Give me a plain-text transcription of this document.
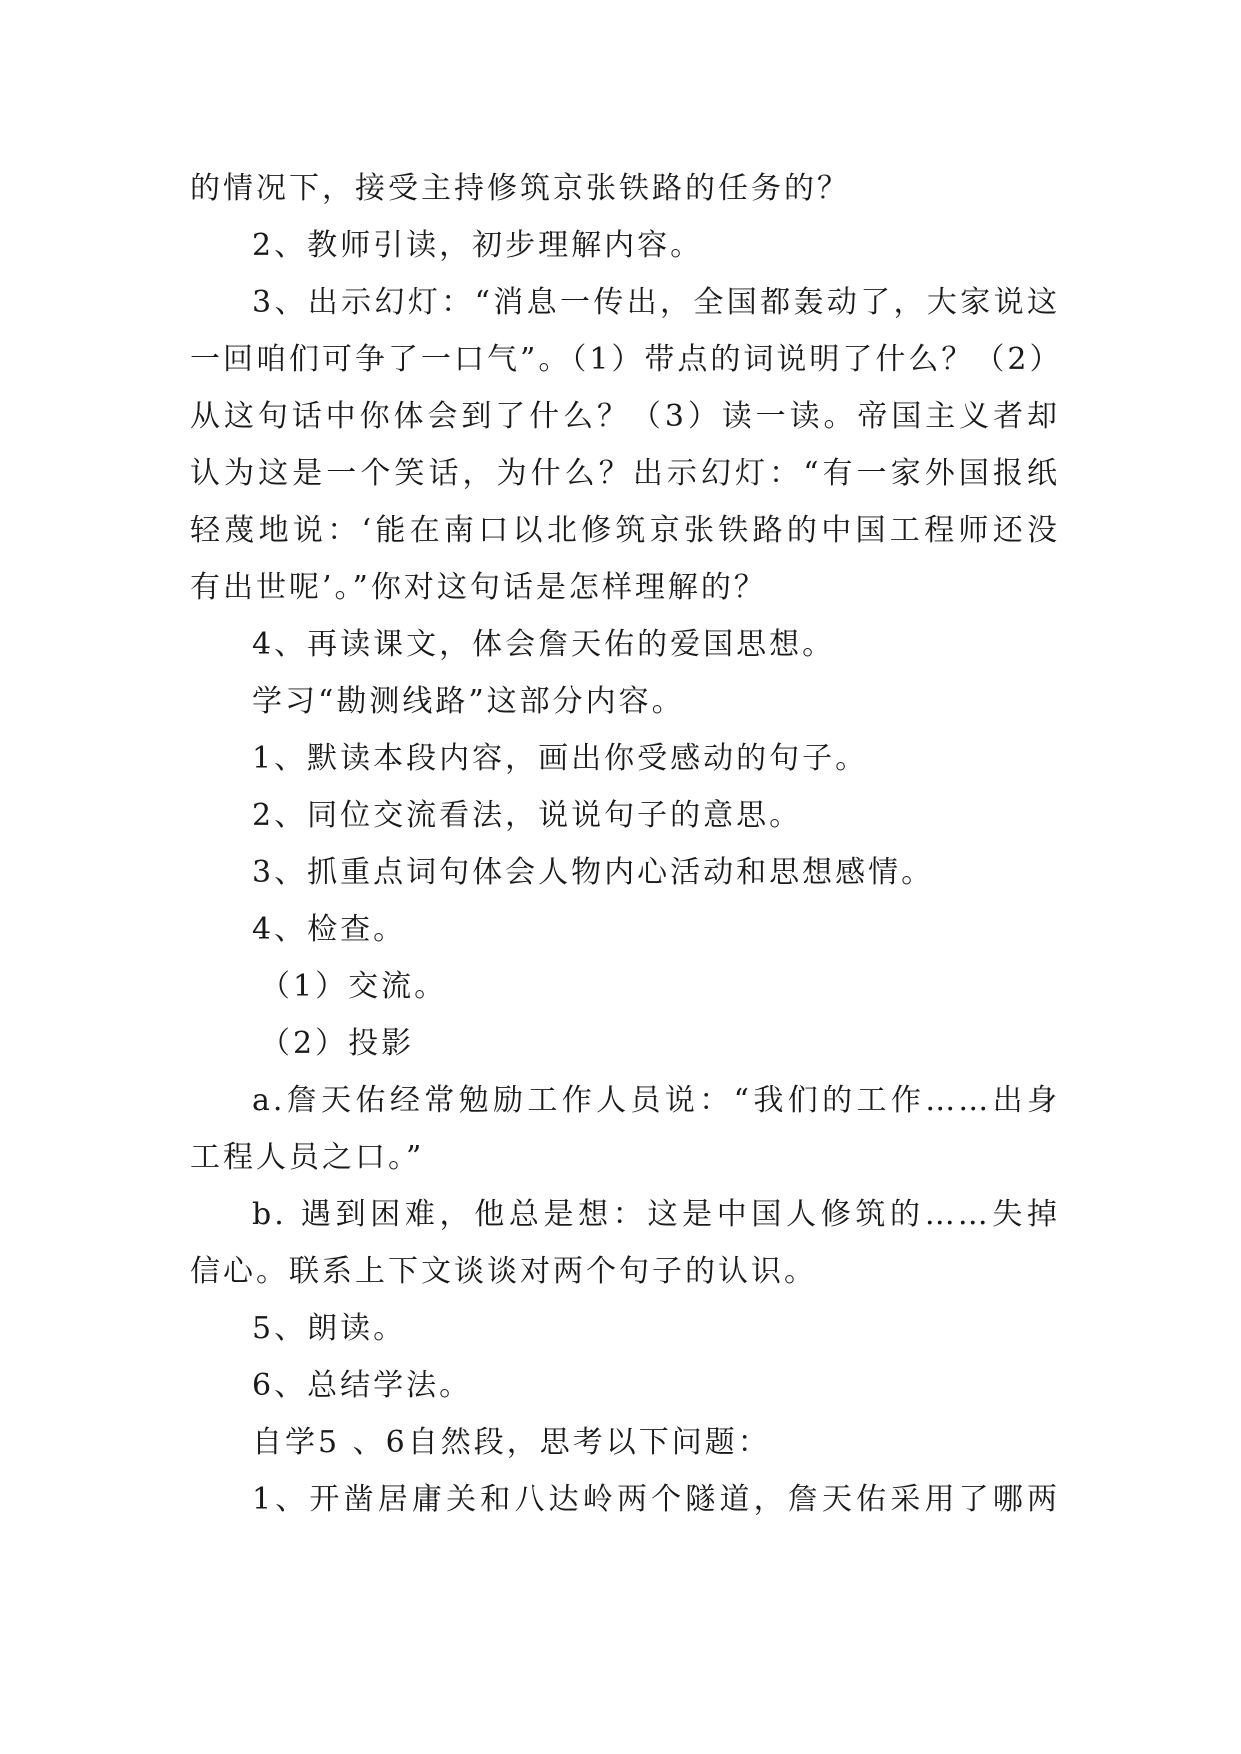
的情况下，接受主持修筑京张铁路的任务的？
2、教师引读，初步理解内容。
3、出示幻灯：“消息一传出，全国都轰动了，大家说这
一回咱们可争了一口气”。（1）带点的词说明了什么？（2）
从这句话中你体会到了什么？（3）读一读。帝国主义者却
认为这是一个笑话，为什么？出示幻灯：“有一家外国报纸
轻蔑地说：‘能在南口以北修筑京张铁路的中国工程师还没
有出世呢’。”你对这句话是怎样理解的？
4、再读课文，体会詹天佑的爱国思想。
学习“勘测线路”这部分内容。
1、默读本段内容，画出你受感动的句子。
2、同位交流看法，说说句子的意思。
3、抓重点词句体会人物内心活动和思想感情。
4、检查。
（1）交流。
（2）投影
a.詹天佑经常勉励工作人员说：“我们的工作……出身
工程人员之口。”
b. 遇到困难，他总是想：这是中国人修筑的……失掉
信心。联系上下文谈谈对两个句子的认识。
5、朗读。
6、总结学法。
自学5 、6自然段，思考以下问题：
1、开凿居庸关和八达岭两个隧道，詹天佑采用了哪两
